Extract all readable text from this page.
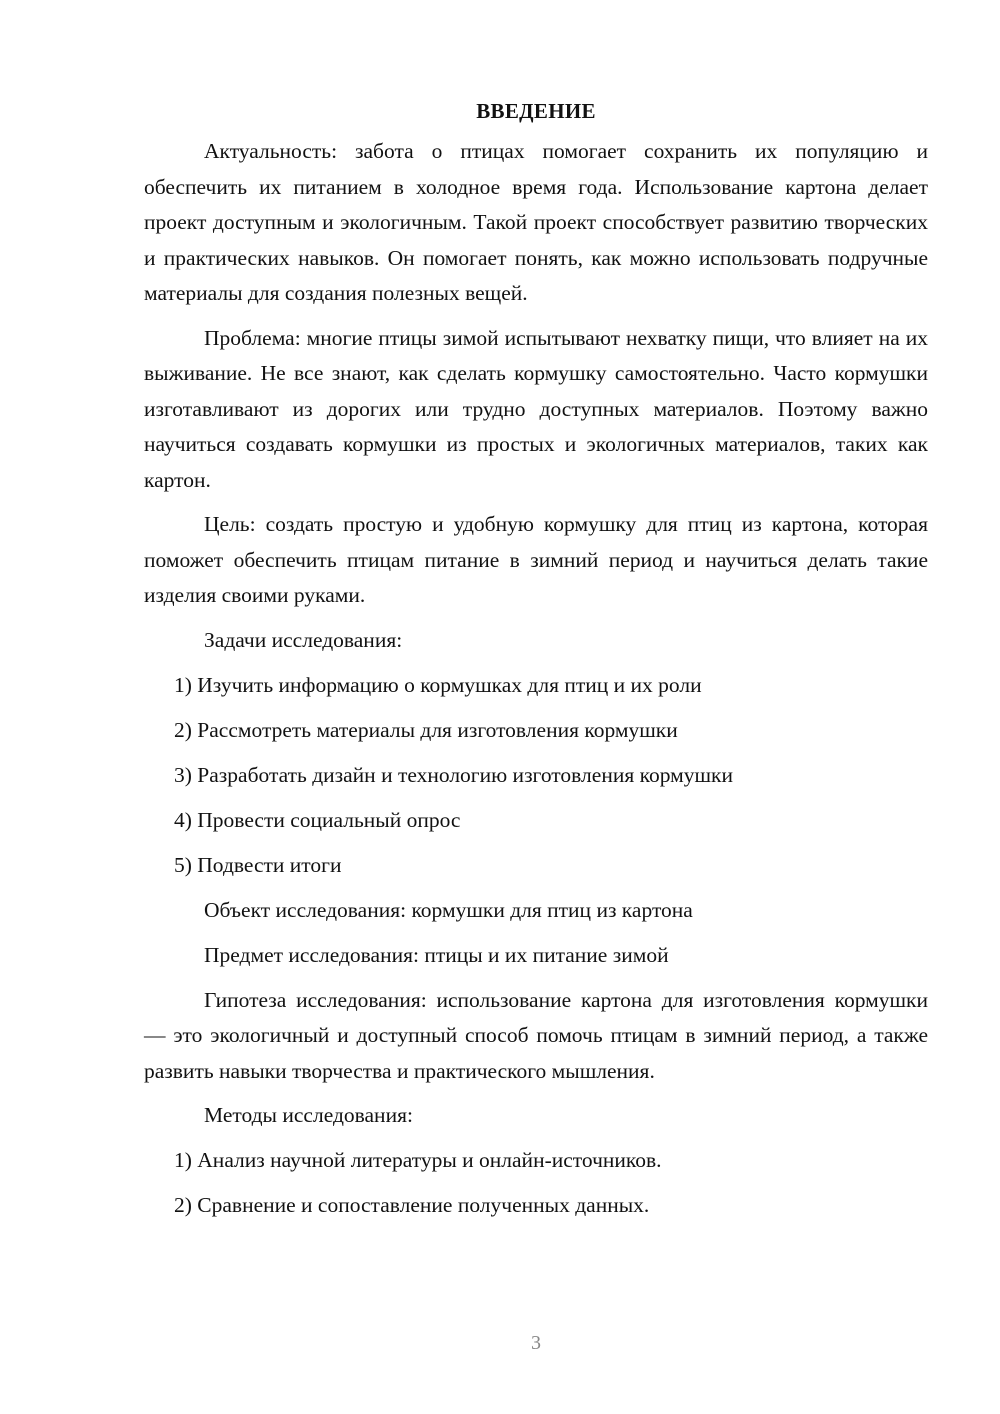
ВВЕДЕНИЕ

Актуальность: забота о птицах помогает сохранить их популяцию и обеспечить их питанием в холодное время года. Использование картона делает проект доступным и экологичным. Такой проект способствует развитию творческих и практических навыков. Он помогает понять, как можно использовать подручные материалы для создания полезных вещей.

Проблема: многие птицы зимой испытывают нехватку пищи, что влияет на их выживание. Не все знают, как сделать кормушку самостоятельно. Часто кормушки изготавливают из дорогих или трудно доступных материалов. Поэтому важно научиться создавать кормушки из простых и экологичных материалов, таких как картон.

Цель: создать простую и удобную кормушку для птиц из картона, которая поможет обеспечить птицам питание в зимний период и научиться делать такие изделия своими руками.

Задачи исследования:
1) Изучить информацию о кормушках для птиц и их роли
2) Рассмотреть материалы для изготовления кормушки
3) Разработать дизайн и технологию изготовления кормушки
4) Провести социальный опрос
5) Подвести итоги
Объект исследования: кормушки для птиц из картона
Предмет исследования: птицы и их питание зимой

Гипотеза исследования: использование картона для изготовления кормушки — это экологичный и доступный способ помочь птицам в зимний период, а также развить навыки творчества и практического мышления.

Методы исследования:
1) Анализ научной литературы и онлайн-источников.
2) Сравнение и сопоставление полученных данных.
3
